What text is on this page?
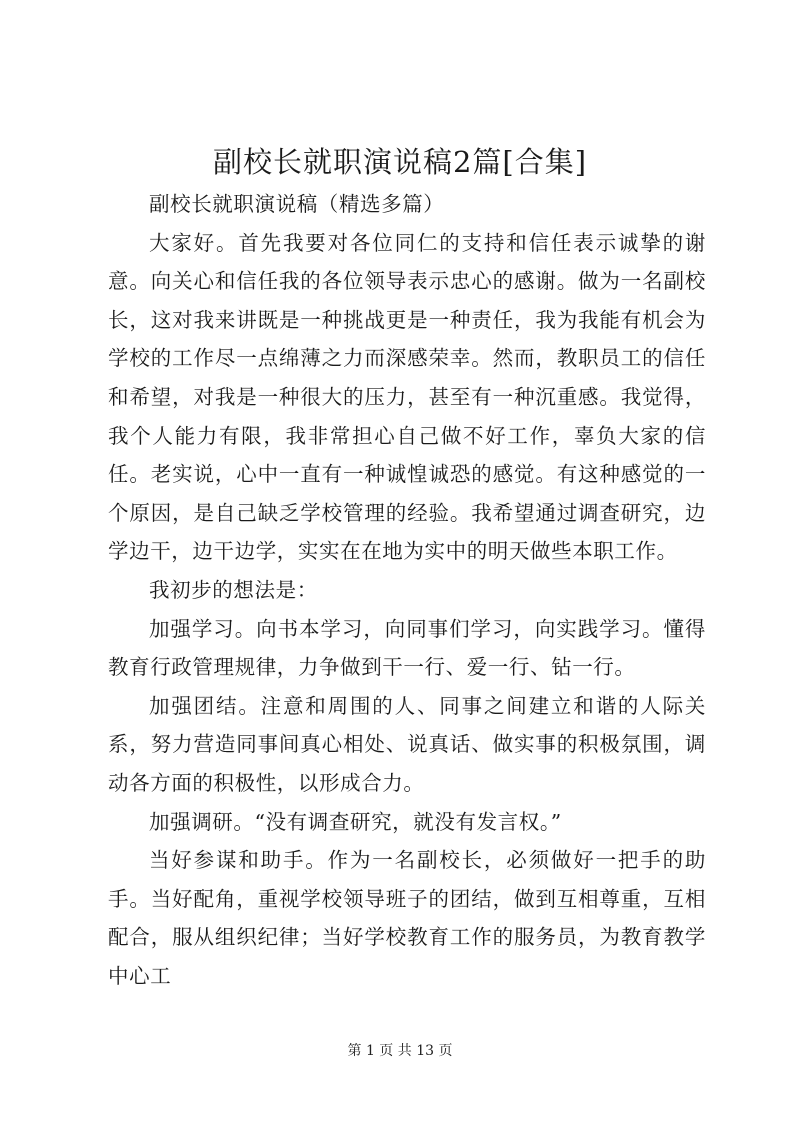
副校长就职演说稿2篇[合集]

副校长就职演说稿（精选多篇）

大家好。首先我要对各位同仁的支持和信任表示诚挚的谢意。向关心和信任我的各位领导表示忠心的感谢。做为一名副校长，这对我来讲既是一种挑战更是一种责任，我为我能有机会为学校的工作尽一点绵薄之力而深感荣幸。然而，教职员工的信任和希望，对我是一种很大的压力，甚至有一种沉重感。我觉得，我个人能力有限，我非常担心自己做不好工作，辜负大家的信任。老实说，心中一直有一种诚惶诚恐的感觉。有这种感觉的一个原因，是自己缺乏学校管理的经验。我希望通过调查研究，边学边干，边干边学，实实在在地为实中的明天做些本职工作。

我初步的想法是：

加强学习。向书本学习，向同事们学习，向实践学习。懂得教育行政管理规律，力争做到干一行、爱一行、钻一行。

加强团结。注意和周围的人、同事之间建立和谐的人际关系，努力营造同事间真心相处、说真话、做实事的积极氛围，调动各方面的积极性，以形成合力。

加强调研。“没有调查研究，就没有发言权。”

当好参谋和助手。作为一名副校长，必须做好一把手的助手。当好配角，重视学校领导班子的团结，做到互相尊重，互相配合，服从组织纪律；当好学校教育工作的服务员，为教育教学中心工

第 1 页 共 13 页
